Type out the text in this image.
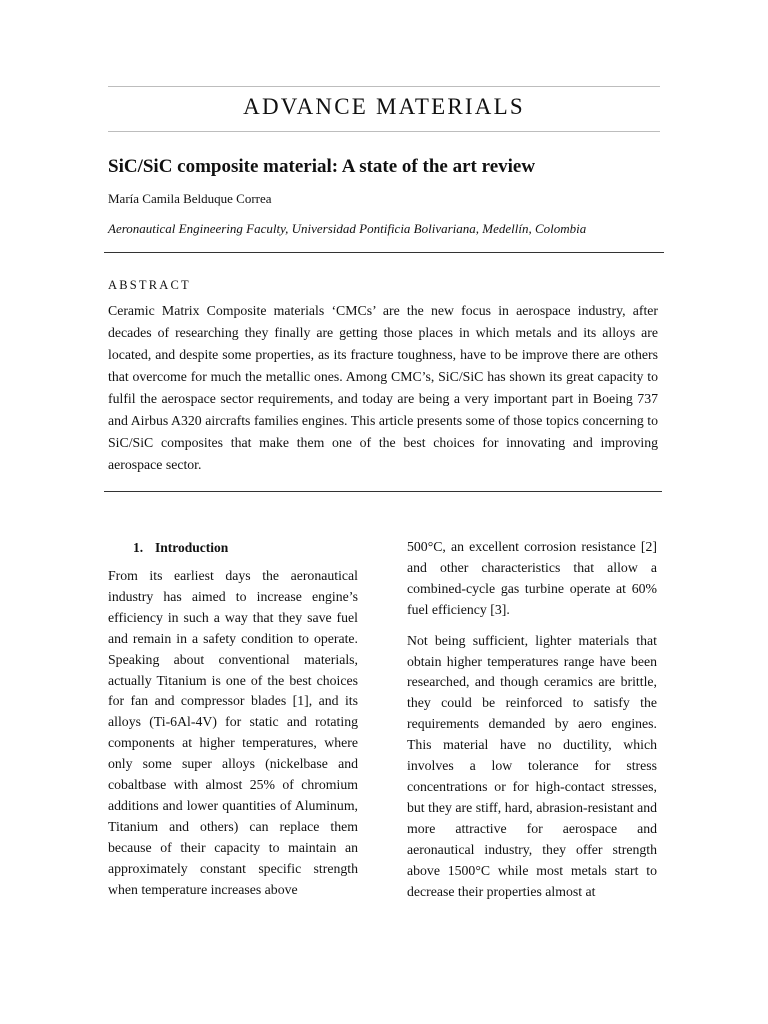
ADVANCE MATERIALS
SiC/SiC composite material: A state of the art review
María Camila Belduque Correa
Aeronautical Engineering Faculty, Universidad Pontificia Bolivariana, Medellín, Colombia
ABSTRACT
Ceramic Matrix Composite materials ‘CMCs’ are the new focus in aerospace industry, after decades of researching they finally are getting those places in which metals and its alloys are located, and despite some properties, as its fracture toughness, have to be improve there are others that overcome for much the metallic ones. Among CMC’s, SiC/SiC has shown its great capacity to fulfil the aerospace sector requirements, and today are being a very important part in Boeing 737 and Airbus A320 aircrafts families engines. This article presents some of those topics concerning to SiC/SiC composites that make them one of the best choices for innovating and improving aerospace sector.
1. Introduction

From its earliest days the aeronautical industry has aimed to increase engine’s efficiency in such a way that they save fuel and remain in a safety condition to operate. Speaking about conventional materials, actually Titanium is one of the best choices for fan and compressor blades [1], and its alloys (Ti-6Al-4V) for static and rotating components at higher temperatures, where only some super alloys (nickelbase and cobaltbase with almost 25% of chromium additions and lower quantities of Aluminum, Titanium and others) can replace them because of their capacity to maintain an approximately constant specific strength when temperature increases above

500°C, an excellent corrosion resistance [2] and other characteristics that allow a combined-cycle gas turbine operate at 60% fuel efficiency [3].

Not being sufficient, lighter materials that obtain higher temperatures range have been researched, and though ceramics are brittle, they could be reinforced to satisfy the requirements demanded by aero engines. This material have no ductility, which involves a low tolerance for stress concentrations or for high-contact stresses, but they are stiff, hard, abrasion-resistant and more attractive for aerospace and aeronautical industry, they offer strength above 1500°C while most metals start to decrease their properties almost at
